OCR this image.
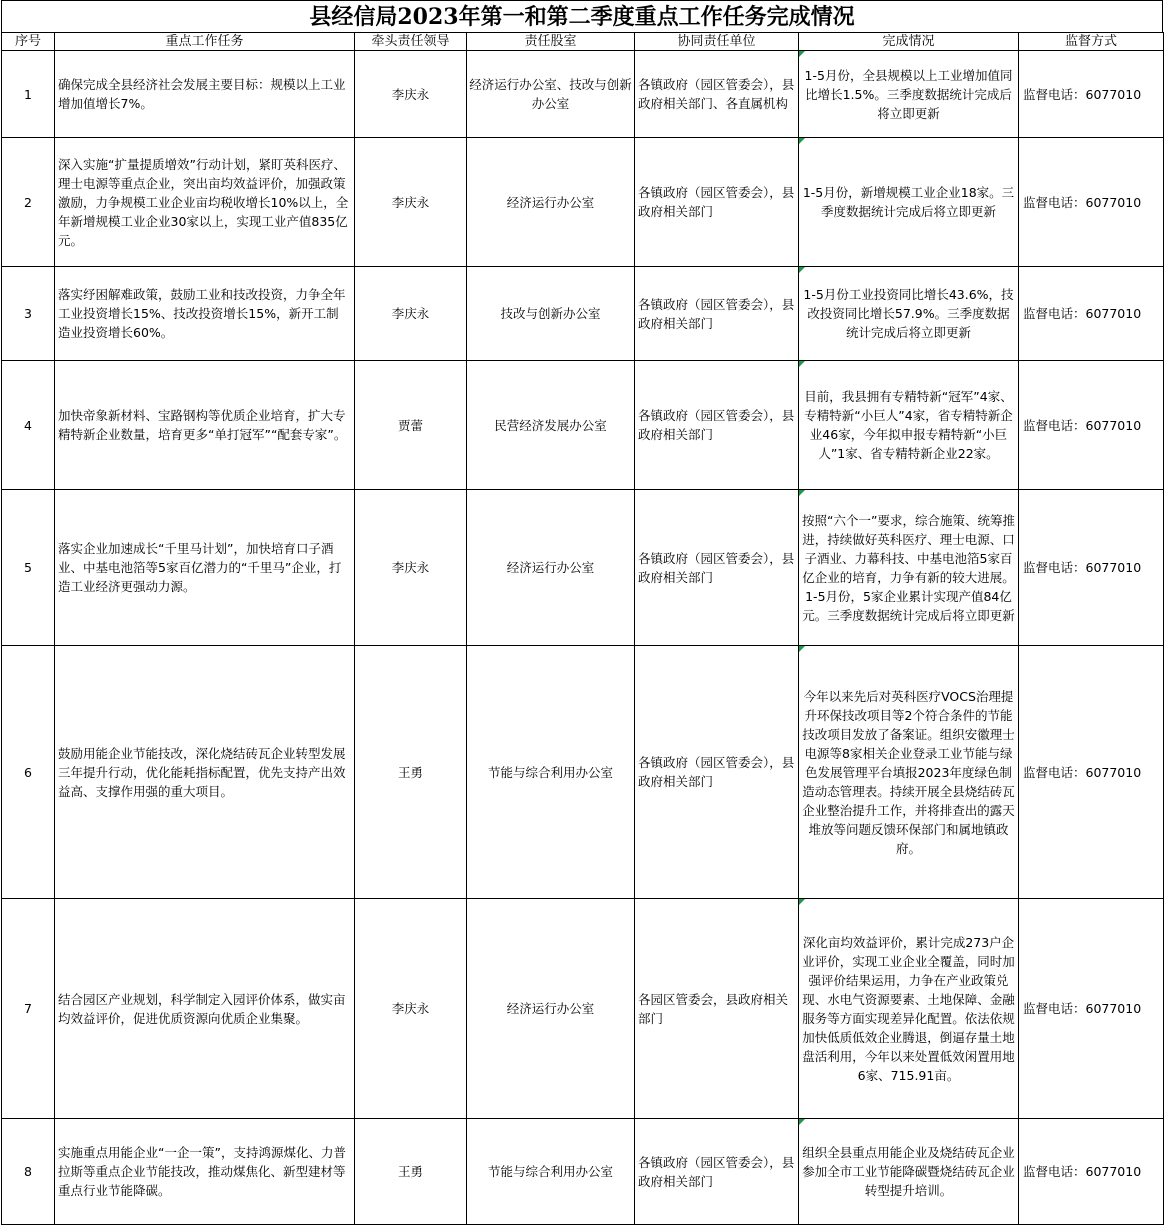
县经信局2023年第一和第二季度重点工作任务完成情况
序号	重点工作任务	牵头责任领导	责任股室	协同责任单位	完成情况	监督方式
1	确保完成全县经济社会发展主要目标：规模以上工业增加值增长7%。	李庆永	经济运行办公室、技改与创新办公室	各镇政府（园区管委会），县政府相关部门、各直属机构	1-5月份，全县规模以上工业增加值同比增长1.5%。三季度数据统计完成后将立即更新	监督电话：6077010
2	深入实施“扩量提质增效”行动计划，紧盯英科医疗、理士电源等重点企业，突出亩均效益评价，加强政策激励，力争规模工业企业亩均税收增长10%以上，全年新增规模工业企业30家以上，实现工业产值835亿元。	李庆永	经济运行办公室	各镇政府（园区管委会），县政府相关部门	1-5月份，新增规模工业企业18家。三季度数据统计完成后将立即更新	监督电话：6077010
3	落实纾困解难政策，鼓励工业和技改投资，力争全年工业投资增长15%、技改投资增长15%，新开工制造业投资增长60%。	李庆永	技改与创新办公室	各镇政府（园区管委会），县政府相关部门	1-5月份工业投资同比增长43.6%，技改投资同比增长57.9%。三季度数据统计完成后将立即更新	监督电话：6077010
4	加快帝象新材料、宝路钢构等优质企业培育，扩大专精特新企业数量，培育更多“单打冠军”“配套专家”。	贾蕾	民营经济发展办公室	各镇政府（园区管委会），县政府相关部门	目前，我县拥有专精特新“冠军”4家、专精特新“小巨人”4家，省专精特新企业46家，今年拟申报专精特新“小巨人”1家、省专精特新企业22家。	监督电话：6077010
5	落实企业加速成长“千里马计划”，加快培育口子酒业、中基电池箔等5家百亿潜力的“千里马”企业，打造工业经济更强动力源。	李庆永	经济运行办公室	各镇政府（园区管委会），县政府相关部门	按照“六个一”要求，综合施策、统筹推进，持续做好英科医疗、理士电源、口子酒业、力幕科技、中基电池箔5家百亿企业的培育，力争有新的较大进展。1-5月份，5家企业累计实现产值84亿元。三季度数据统计完成后将立即更新	监督电话：6077010
6	鼓励用能企业节能技改，深化烧结砖瓦企业转型发展三年提升行动，优化能耗指标配置，优先支持产出效益高、支撑作用强的重大项目。	王勇	节能与综合利用办公室	各镇政府（园区管委会），县政府相关部门	今年以来先后对英科医疗VOCS治理提升环保技改项目等2个符合条件的节能技改项目发放了备案证。组织安徽理士电源等8家相关企业登录工业节能与绿色发展管理平台填报2023年度绿色制造动态管理表。持续开展全县烧结砖瓦企业整治提升工作，并将排查出的露天堆放等问题反馈环保部门和属地镇政府。	监督电话：6077010
7	结合园区产业规划，科学制定入园评价体系，做实亩均效益评价，促进优质资源向优质企业集聚。	李庆永	经济运行办公室	各园区管委会，县政府相关部门	深化亩均效益评价，累计完成273户企业评价，实现工业企业全覆盖，同时加强评价结果运用，力争在产业政策兑现、水电气资源要素、土地保障、金融服务等方面实现差异化配置。依法依规加快低质低效企业腾退，倒逼存量土地盘活利用，今年以来处置低效闲置用地6家、715.91亩。	监督电话：6077010
8	实施重点用能企业“一企一策”，支持鸿源煤化、力普拉斯等重点企业节能技改，推动煤焦化、新型建材等重点行业节能降碳。	王勇	节能与综合利用办公室	各镇政府（园区管委会），县政府相关部门	组织全县重点用能企业及烧结砖瓦企业参加全市工业节能降碳暨烧结砖瓦企业转型提升培训。	监督电话：6077010
